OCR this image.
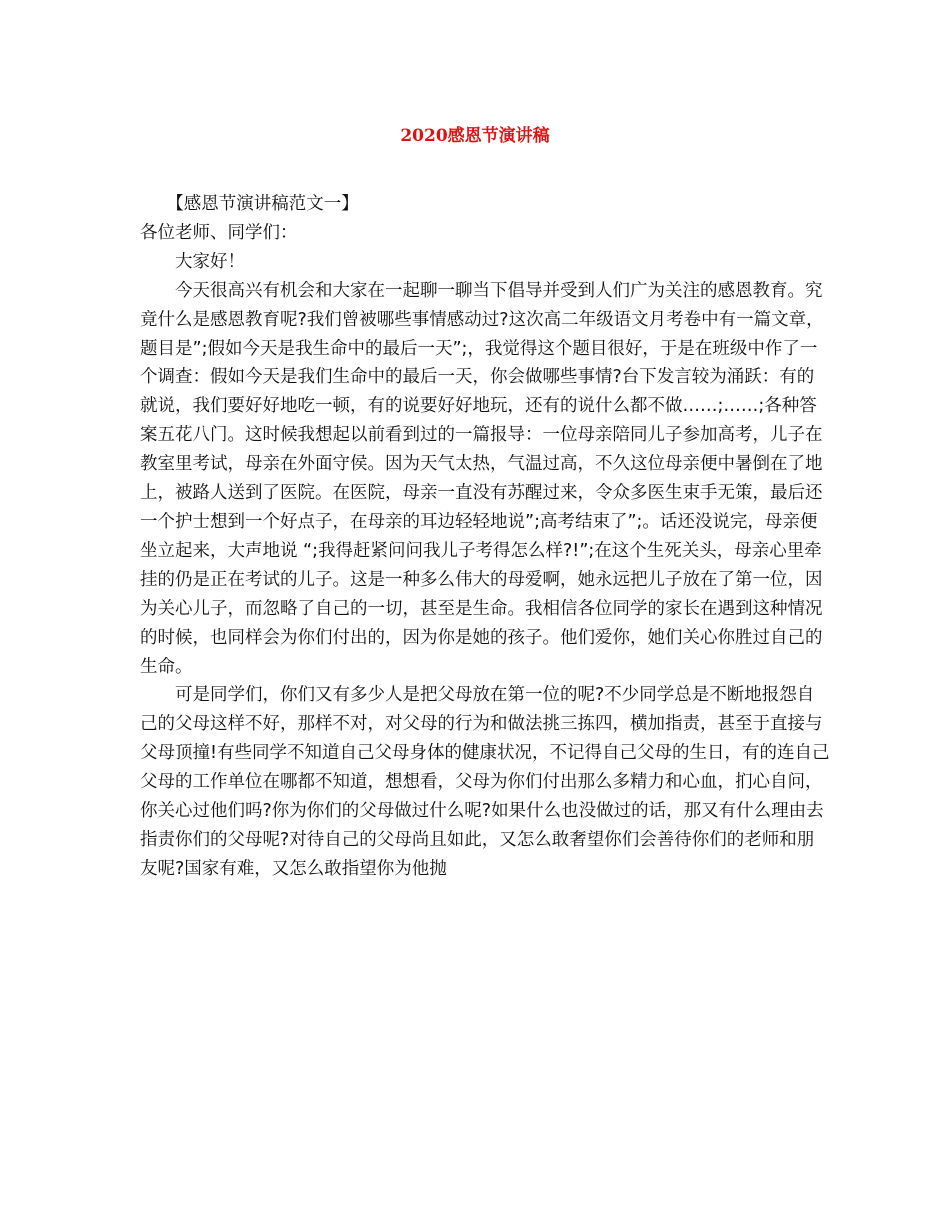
2020感恩节演讲稿

　　【感恩节演讲稿范文一】

各位老师、同学们：

　　大家好！

　　今天很高兴有机会和大家在一起聊一聊当下倡导并受到人们广为关注的感恩教育。究竟什么是感恩教育呢?我们曾被哪些事情感动过?这次高二年级语文月考卷中有一篇文章，题目是”;假如今天是我生命中的最后一天”;，我觉得这个题目很好，于是在班级中作了一个调查：假如今天是我们生命中的最后一天，你会做哪些事情?台下发言较为涌跃：有的就说，我们要好好地吃一顿，有的说要好好地玩，还有的说什么都不做……;……;各种答案五花八门。这时候我想起以前看到过的一篇报导：一位母亲陪同儿子参加高考，儿子在教室里考试，母亲在外面守侯。因为天气太热，气温过高，不久这位母亲便中暑倒在了地上，被路人送到了医院。在医院，母亲一直没有苏醒过来，令众多医生束手无策，最后还一个护士想到一个好点子，在母亲的耳边轻轻地说”;高考结束了”;。话还没说完，母亲便坐立起来，大声地说 “;我得赶紧问问我儿子考得怎么样?!”;在这个生死关头，母亲心里牵挂的仍是正在考试的儿子。这是一种多么伟大的母爱啊，她永远把儿子放在了第一位，因为关心儿子，而忽略了自己的一切，甚至是生命。我相信各位同学的家长在遇到这种情况的时候，也同样会为你们付出的，因为你是她的孩子。他们爱你，她们关心你胜过自己的生命。

　　可是同学们，你们又有多少人是把父母放在第一位的呢?不少同学总是不断地报怨自己的父母这样不好，那样不对，对父母的行为和做法挑三拣四，横加指责，甚至于直接与父母顶撞!有些同学不知道自己父母身体的健康状况，不记得自己父母的生日，有的连自己父母的工作单位在哪都不知道，想想看，父母为你们付出那么多精力和心血，扪心自问，你关心过他们吗?你为你们的父母做过什么呢?如果什么也没做过的话，那又有什么理由去指责你们的父母呢?对待自己的父母尚且如此，又怎么敢奢望你们会善待你们的老师和朋友呢?国家有难，又怎么敢指望你为他抛
